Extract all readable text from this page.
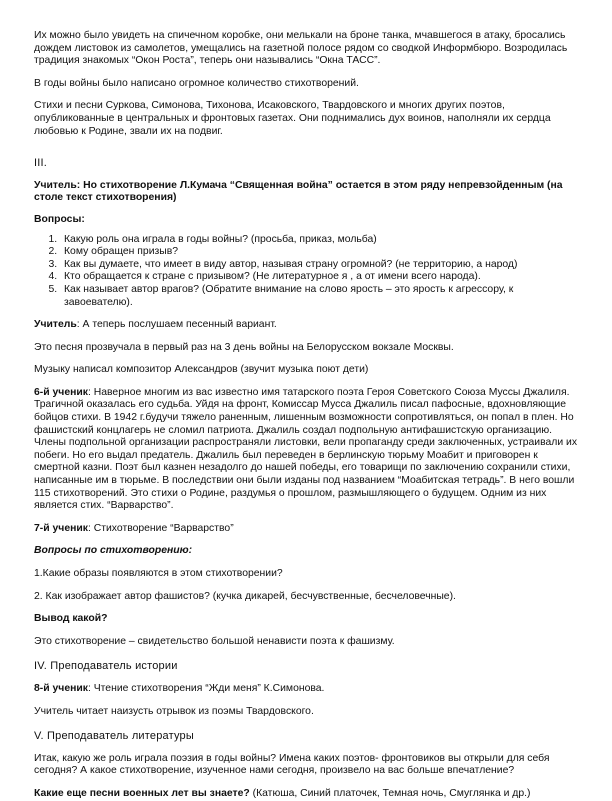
Их можно было увидеть на спичечном коробке, они мелькали на броне танка, мчавшегося в атаку, бросались дождем листовок из самолетов, умещались на газетной полосе рядом со сводкой Информбюро. Возродилась традиция знакомых “Окон Роста”, теперь они назывались “Окна ТАСС”.

В годы войны было написано огромное количество стихотворений.

Стихи и песни Суркова, Симонова, Тихонова, Исаковского, Твардовского и многих других поэтов, опубликованные в центральных и фронтовых газетах. Они поднимались дух воинов, наполняли их сердца любовью к Родине, звали их на подвиг.

III.

Учитель: Но стихотворение Л.Кумача “Священная война” остается в этом ряду непревзойденным (на столе текст стихотворения)

Вопросы:

1. Какую роль она играла в годы войны? (просьба, приказ, мольба)
2. Кому обращен призыв?
3. Как вы думаете, что имеет в виду автор, называя страну огромной? (не территорию, а народ)
4. Кто обращается к стране с призывом? (Не литературное я , а от имени всего народа).
5. Как называет автор врагов? (Обратите внимание на слово ярость – это ярость к агрессору, к завоевателю).

Учитель: А теперь послушаем песенный вариант.

Это песня прозвучала в первый раз на 3 день войны на Белорусском вокзале Москвы.

Музыку написал композитор Александров (звучит музыка поют дети)

6-й ученик: Наверное многим из вас известно имя татарского поэта Героя Советского Союза Муссы Джалиля. Трагичной оказалась его судьба. Уйдя на фронт, Комиссар Мусса Джалиль писал пафосные, вдохновляющие бойцов стихи. В 1942 г.будучи тяжело раненным, лишенным возможности сопротивляться, он попал в плен. Но фашистский концлагерь не сломил патриота. Джалиль создал подпольную антифашистскую организацию. Члены подпольной организации распространяли листовки, вели пропаганду среди заключенных, устраивали их побеги. Но его выдал предатель. Джалиль был переведен в берлинскую тюрьму Моабит и приговорен к смертной казни. Поэт был казнен незадолго до нашей победы, его товарищи по заключению сохранили стихи, написанные им в тюрьме. В последствии они были изданы под названием “Моабитская тетрадь”. В него вошли 115 стихотворений. Это стихи о Родине, раздумья о прошлом, размышляющего о будущем. Одним из них является стих. “Варварство”.

7-й ученик: Стихотворение “Варварство”

Вопросы по стихотворению:

1.Какие образы появляются в этом стихотворении?

2. Как изображает автор фашистов? (кучка дикарей, бесчувственные, бесчеловечные).

Вывод какой?

Это стихотворение – свидетельство большой ненависти поэта к фашизму.

IV. Преподаватель истории

8-й ученик: Чтение стихотворения “Жди меня” К.Симонова.

Учитель читает наизусть отрывок из поэмы Твардовского.

V. Преподаватель литературы

Итак, какую же роль играла поэзия в годы войны? Имена каких поэтов- фронтовиков вы открыли для себя сегодня? А какое стихотворение, изученное нами сегодня, произвело на вас больше впечатление?

Какие еще песни военных лет вы знаете? (Катюша, Синий платочек, Темная ночь, Смуглянка и др.)
